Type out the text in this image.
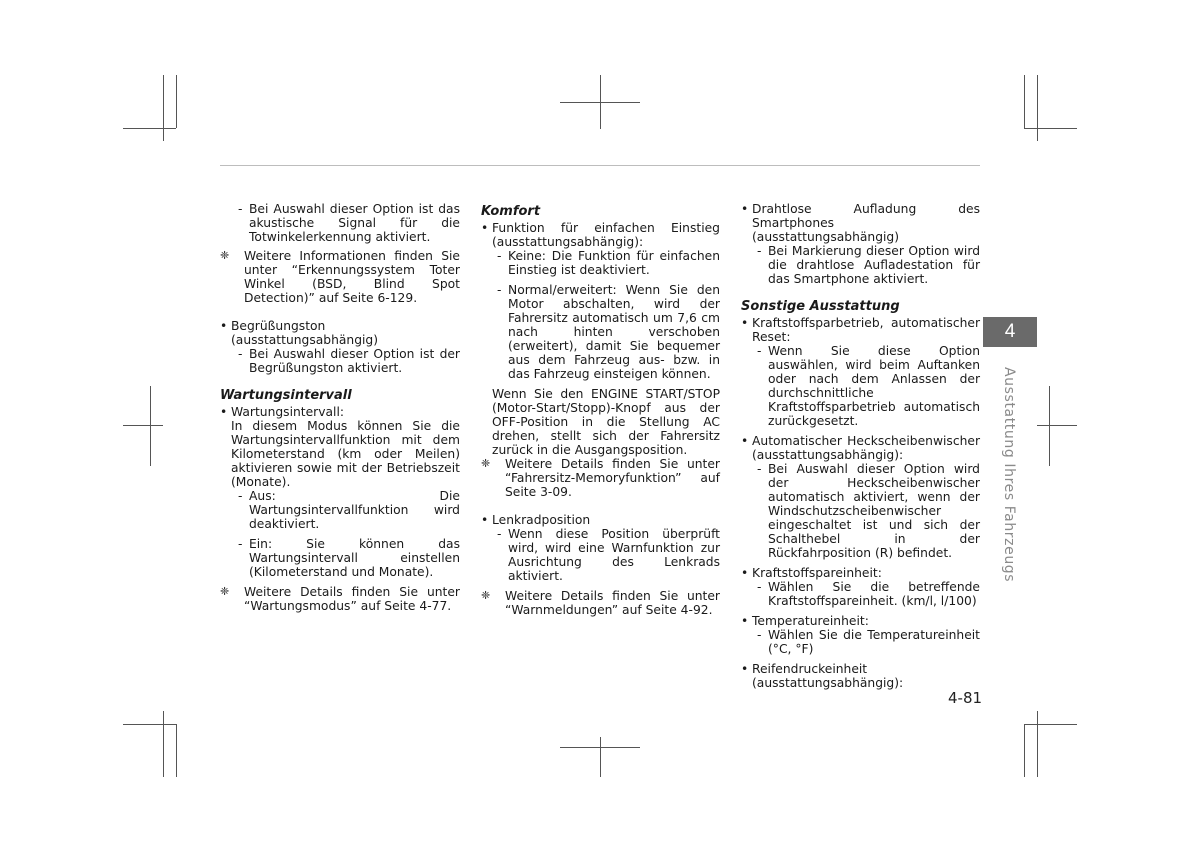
- Bei Auswahl dieser Option ist das akustische Signal für die Totwinkelerkennung aktiviert.
❈	Weitere Informationen finden Sie unter “Erkennungssystem Toter Winkel (BSD, Blind Spot Detection)” auf Seite 6-129.
• Begrüßungston (ausstattungsabhängig)
- Bei Auswahl dieser Option ist der Begrüßungston aktiviert.
Wartungsintervall
• Wartungsintervall:

In diesem Modus können Sie die Wartungsintervallfunktion mit dem Kilometerstand (km oder Meilen) aktivieren sowie mit der Betriebszeit (Monate).

- Aus: Die Wartungsintervallfunktion wird deaktiviert.
- Ein: Sie können das Wartungsintervall einstellen (Kilometerstand und Monate).
❈	Weitere Details finden Sie unter “Wartungsmodus” auf Seite 4-77.
Komfort
• Funktion für einfachen Einstieg (ausstattungsabhängig):
- Keine: Die Funktion für einfachen Einstieg ist deaktiviert.
- Normal/erweitert: Wenn Sie den Motor abschalten, wird der Fahrersitz automatisch um 7,6 cm nach hinten verschoben (erweitert), damit Sie bequemer aus dem Fahrzeug aus- bzw. in das Fahrzeug einsteigen können.

Wenn Sie den ENGINE START/STOP (Motor-Start/Stopp)-Knopf aus der OFF-Position in die Stellung AC drehen, stellt sich der Fahrersitz zurück in die Ausgangsposition.

❈	Weitere Details finden Sie unter “Fahrersitz-Memoryfunktion” auf Seite 3-09.
• Lenkradposition
- Wenn diese Position überprüft wird, wird eine Warnfunktion zur Ausrichtung des Lenkrads aktiviert.
❈	Weitere Details finden Sie unter “Warnmeldungen” auf Seite 4-92.
• Drahtlose Aufladung des Smartphones (ausstattungsabhängig)
- Bei Markierung dieser Option wird die drahtlose Aufladestation für das Smartphone aktiviert.
Sonstige Ausstattung
• Kraftstoffsparbetrieb, automatischer Reset:
- Wenn Sie diese Option auswählen, wird beim Auftanken oder nach dem Anlassen der durchschnittliche Kraftstoffsparbetrieb automatisch zurückgesetzt.
• Automatischer Heckscheibenwischer (ausstattungsabhängig):
- Bei Auswahl dieser Option wird der Heckscheibenwischer automatisch aktiviert, wenn der Windschutzscheibenwischer eingeschaltet ist und sich der Schalthebel in der Rückfahrposition (R) befindet.
• Kraftstoffspareinheit:
- Wählen Sie die betreffende Kraftstoffspareinheit. (km/l, l/100)
• Temperatureinheit:
- Wählen Sie die Temperatureinheit (°C, °F)
• Reifendruckeinheit (ausstattungsabhängig):
4
Ausstattung Ihres Fahrzeugs
4-81
